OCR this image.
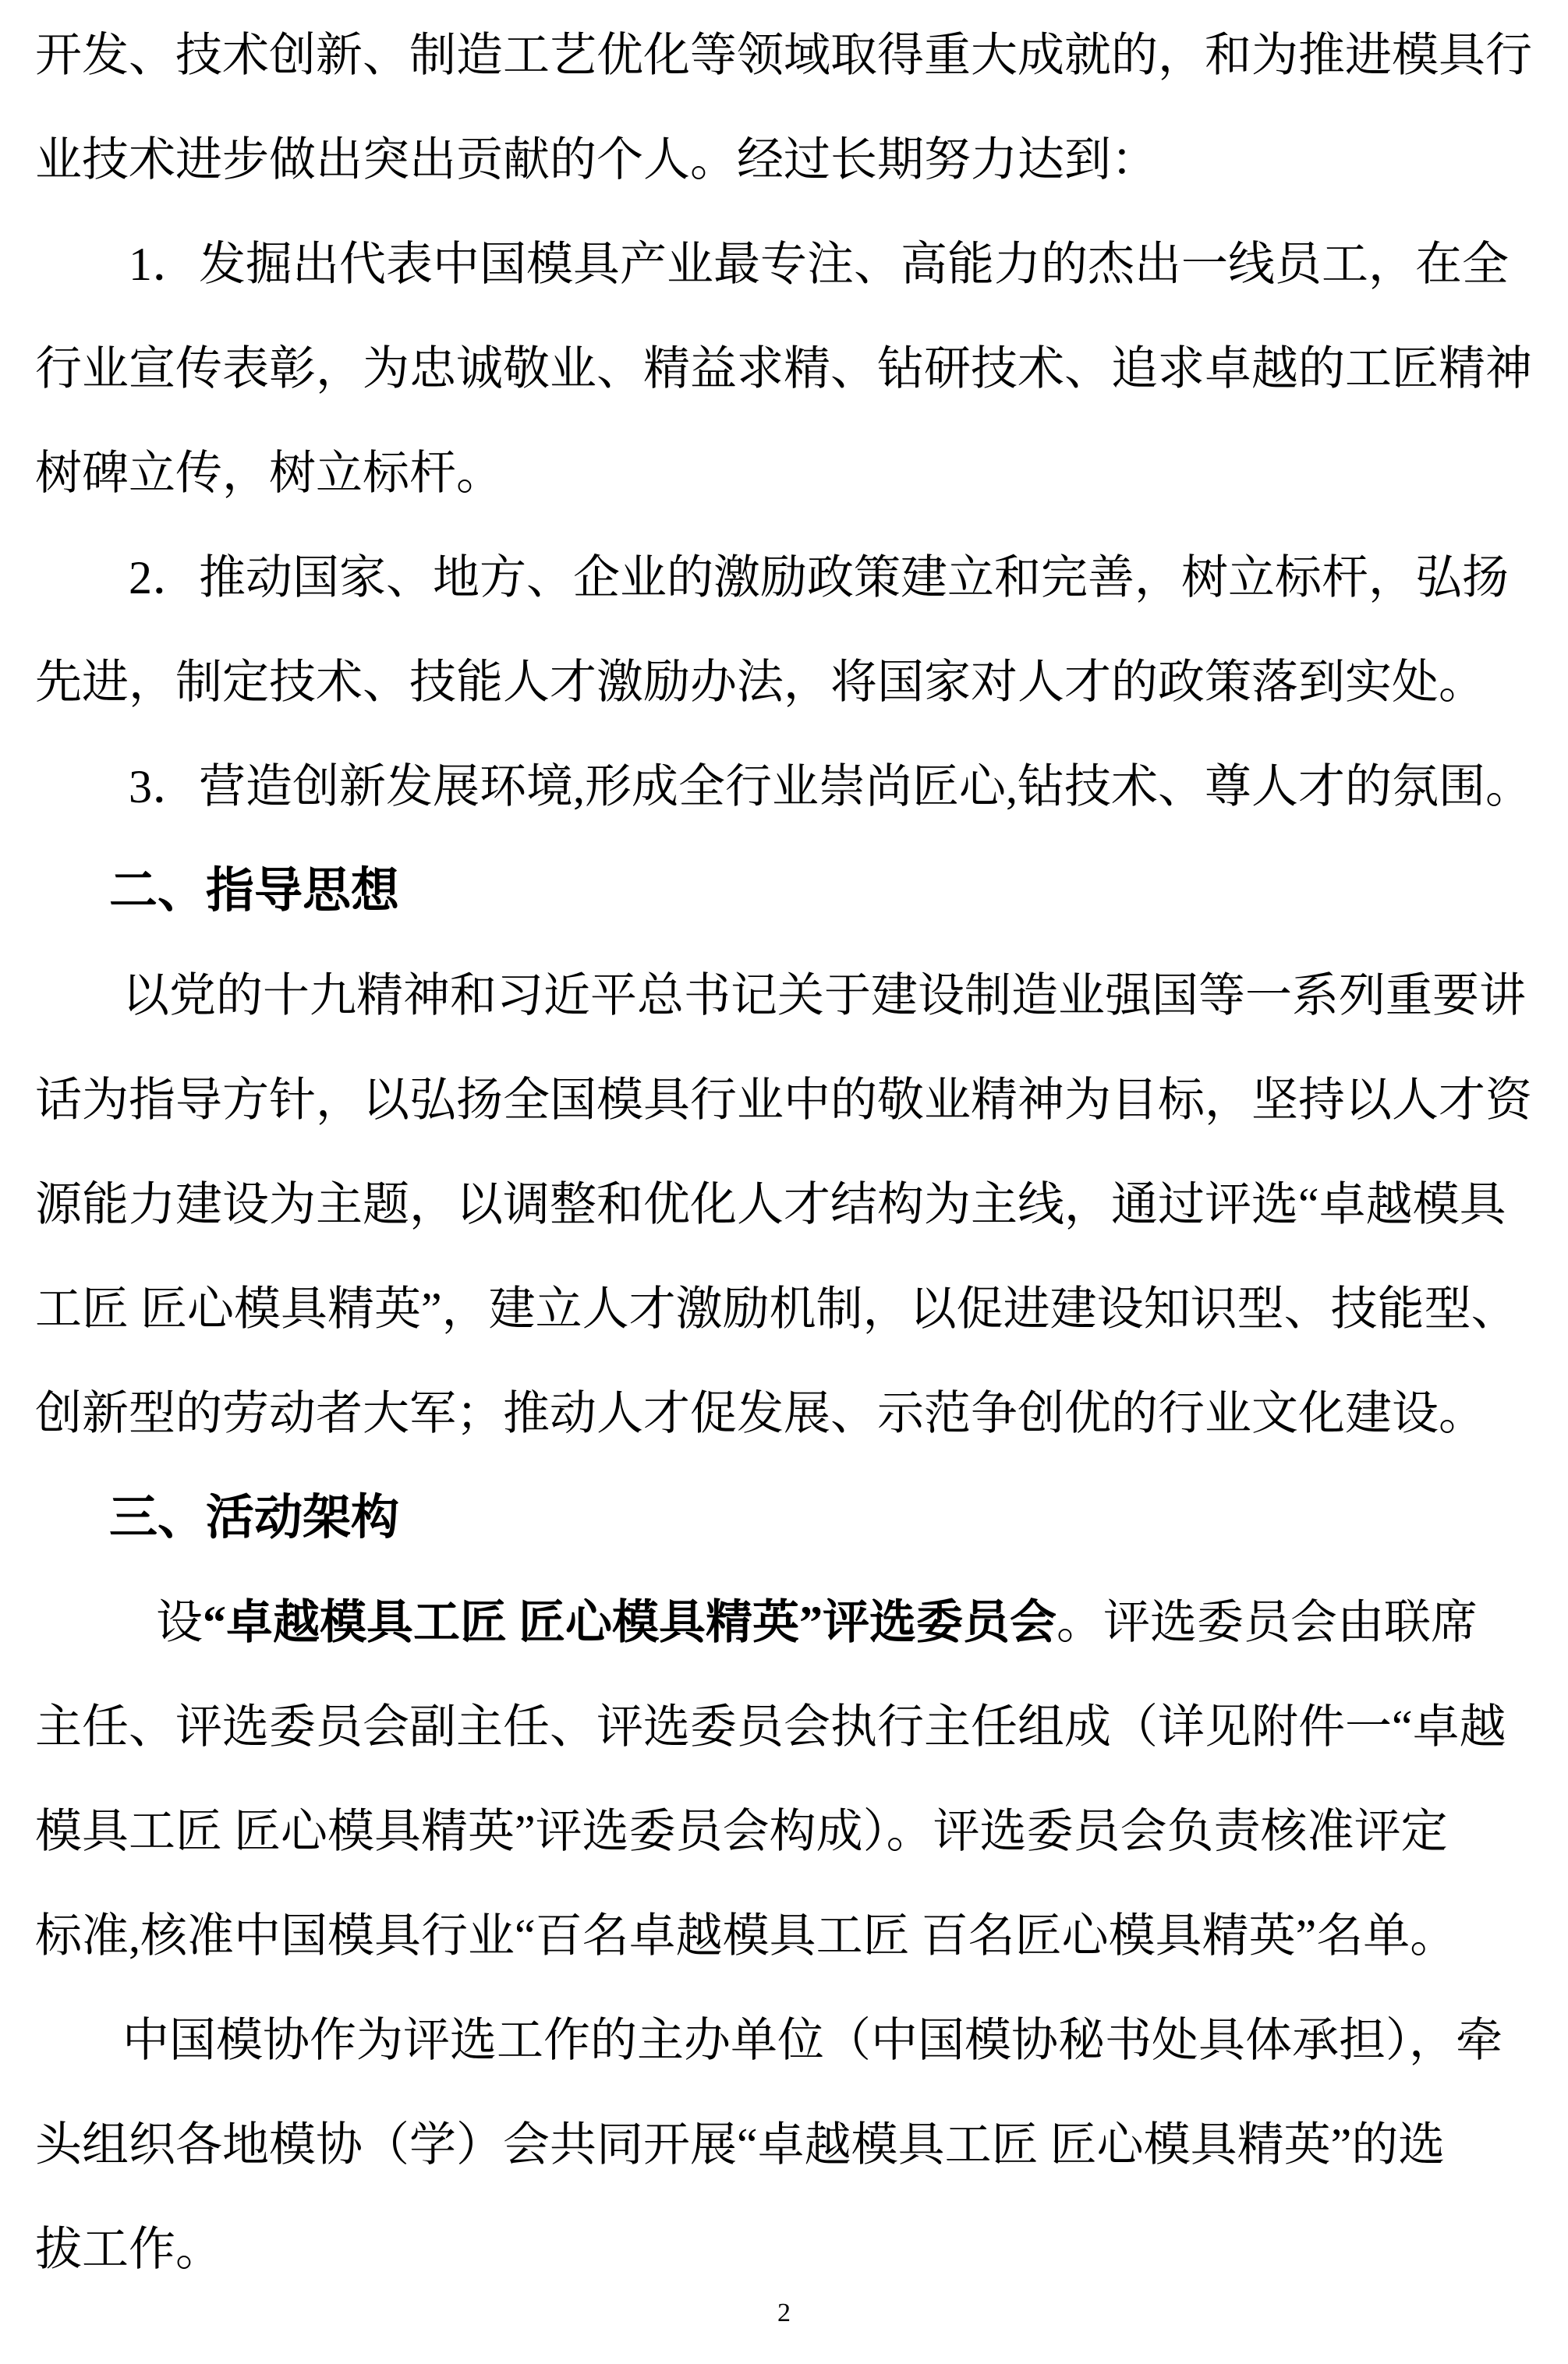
开发、技术创新、制造工艺优化等领域取得重大成就的，和为推进模具行
业技术进步做出突出贡献的个人。经过长期努力达到：
1．发掘出代表中国模具产业最专注、高能力的杰出一线员工，在全
行业宣传表彰，为忠诚敬业、精益求精、钻研技术、追求卓越的工匠精神
树碑立传，树立标杆。
2．推动国家、地方、企业的激励政策建立和完善，树立标杆，弘扬
先进，制定技术、技能人才激励办法，将国家对人才的政策落到实处。
3．营造创新发展环境,形成全行业崇尚匠心,钻技术、尊人才的氛围。
二、指导思想
以党的十九精神和习近平总书记关于建设制造业强国等一系列重要讲
话为指导方针，以弘扬全国模具行业中的敬业精神为目标，坚持以人才资
源能力建设为主题，以调整和优化人才结构为主线，通过评选“卓越模具
工匠 匠心模具精英”，建立人才激励机制，以促进建设知识型、技能型、
创新型的劳动者大军；推动人才促发展、示范争创优的行业文化建设。
三、活动架构
设“卓越模具工匠 匠心模具精英”评选委员会。评选委员会由联席
主任、评选委员会副主任、评选委员会执行主任组成（详见附件一“卓越
模具工匠 匠心模具精英”评选委员会构成）。评选委员会负责核准评定
标准,核准中国模具行业“百名卓越模具工匠 百名匠心模具精英”名单。
中国模协作为评选工作的主办单位（中国模协秘书处具体承担），牵
头组织各地模协（学）会共同开展“卓越模具工匠 匠心模具精英”的选
拔工作。
2
